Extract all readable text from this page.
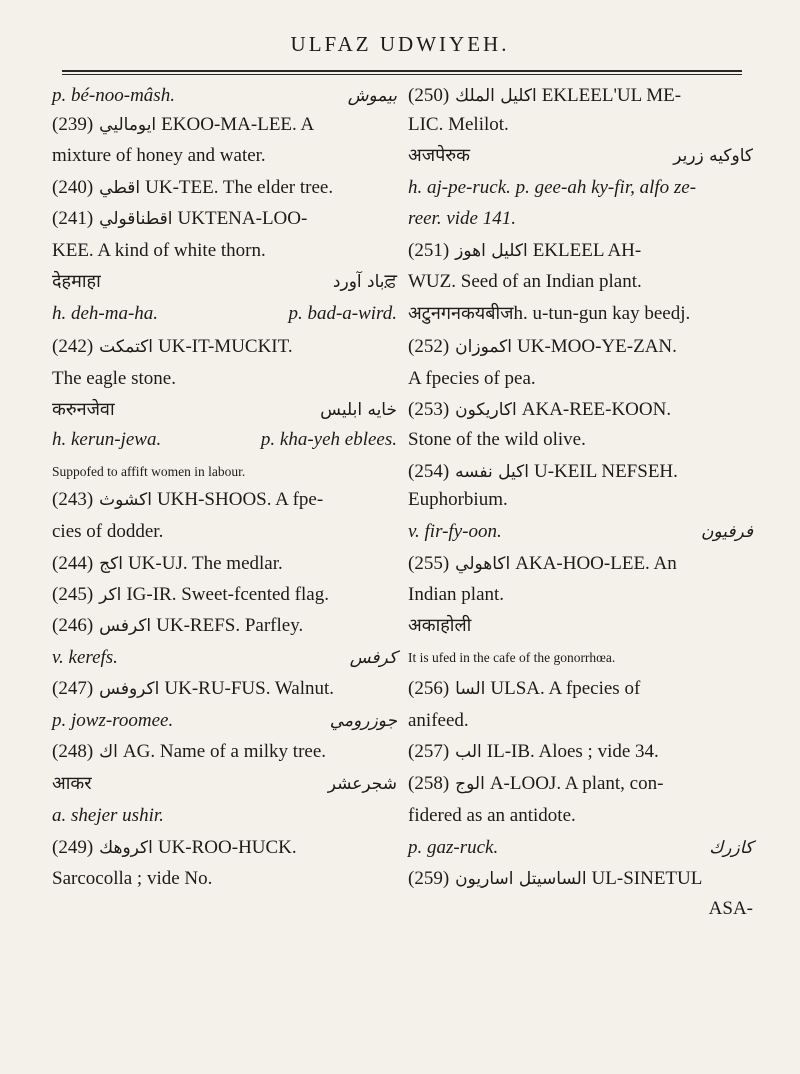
ULFAZ UDWIYEH.
p. bé-noo-mâsh.	بيموش
(239) ايوماليي EKOO-MA-LEE. A
mixture of honey and water.
(240) اقطي UK-TEE. The elder tree.
(241) اقطناقولي UKTENA-LOO-
KEE. A kind of white thorn.
देहमाहा	باد آوردਫ਼
h. deh-ma-ha.	p. bad-a-wird.
(242) اكتمكت UK-IT-MUCKIT.
The eagle stone.
करुनजेवा	خايه ابليس
h. kerun-jewa.	p. kha-yeh eblees.
Suppofed to affift women in labour.
(243) اكشوث UKH-SHOOS. A fpe-
cies of dodder.
(244) اكج UK-UJ. The medlar.
(245) اكر IG-IR. Sweet-fcented flag.
(246) اكرفس UK-REFS. Parfley.
v. kerefs.	كرفس
(247) اكروفس UK-RU-FUS. Walnut.
p. jowz-roomee.	جوزرومي
(248) اك AG. Name of a milky tree.
आकर	شجرعشر
a. shejer ushir.
(249) اكروهك UK-ROO-HUCK.
Sarcocolla ; vide No.
(250) اكليل الملك EKLEEL'UL ME-
LIC. Melilot.
अजपेरुक	كاوكيه زرير
h. aj-pe-ruck. p. gee-ah ky-fir, alfo ze-
reer. vide 141.
(251) اكليل اهوز EKLEEL AH-
WUZ. Seed of an Indian plant.
अटुनगनकयबीजh. u-tun-gun kay beedj.
(252) اكموزان UK-MOO-YE-ZAN.
A fpecies of pea.
(253) اكاريكون AKA-REE-KOON.
Stone of the wild olive.
(254) اكيل نفسه U-KEIL NEFSEH.
Euphorbium.
v. fir-fy-oon.	فرفيون
(255) اكاهولي AKA-HOO-LEE. An
Indian plant.
अकाहोली
It is ufed in the cafe of the gonorrhœa.
(256) السا ULSA. A fpecies of
anifeed.
(257) الب IL-IB. Aloes ; vide 34.
(258) الوج A-LOOJ. A plant, con-
fidered as an antidote.
p. gaz-ruck.	كازرك
(259) الساسيتل اساريون UL-SINETUL
ASA-
